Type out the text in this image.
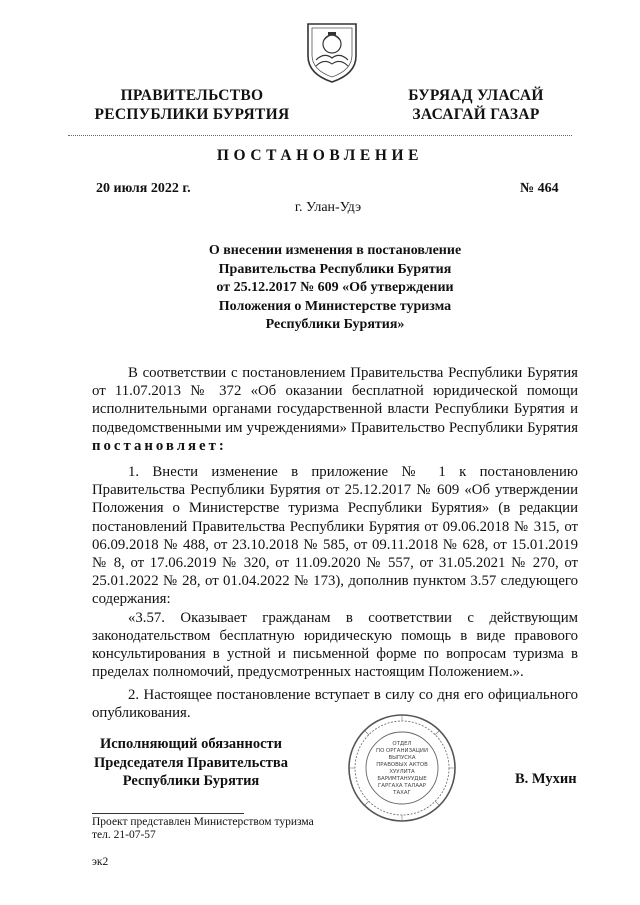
ПРАВИТЕЛЬСТВО
РЕСПУБЛИКИ БУРЯТИЯ
БУРЯАД УЛАСАЙ
ЗАСАГАЙ ГАЗАР
ПОСТАНОВЛЕНИЕ
20 июля 2022 г.	№ 464
г. Улан-Удэ
О внесении изменения в постановление
Правительства Республики Бурятия
от 25.12.2017 № 609 «Об утверждении
Положения о Министерстве туризма
Республики Бурятия»

В соответствии с постановлением Правительства Республики Бурятия от 11.07.2013 № 372 «Об оказании бесплатной юридической помощи исполнительными органами государственной власти Республики Бурятия и подведомственными им учреждениями» Правительство Республики Бурятия постановляет:

1. Внести изменение в приложение № 1 к постановлению Правительства Республики Бурятия от 25.12.2017 № 609 «Об утверждении Положения о Министерстве туризма Республики Бурятия» (в редакции постановлений Правительства Республики Бурятия от 09.06.2018 № 315, от 06.09.2018 № 488, от 23.10.2018 № 585, от 09.11.2018 № 628, от 15.01.2019 № 8, от 17.06.2019 № 320, от 11.09.2020 № 557, от 31.05.2021 № 270, от 25.01.2022 № 28, от 01.04.2022 № 173), дополнив пунктом 3.57 следующего содержания:

«3.57. Оказывает гражданам в соответствии с действующим законодательством бесплатную юридическую помощь в виде правового консультирования в устной и письменной форме по вопросам туризма в пределах полномочий, предусмотренных настоящим Положением.».

2. Настоящее постановление вступает в силу со дня его официального опубликования.

Исполняющий обязанности
Председателя Правительства
Республики Бурятия
ОТДЕЛ
ПО ОРГАНИЗАЦИИ
ВЫПУСКА
ПРАВОВЫХ АКТОВ
ХУУЛИТА
БАРИМТАНУУДЫЕ
ГАРГАХА ТАЛААР
ТАХАГ
В. Мухин
Проект представлен Министерством туризма
тел. 21-07-57
эк2
